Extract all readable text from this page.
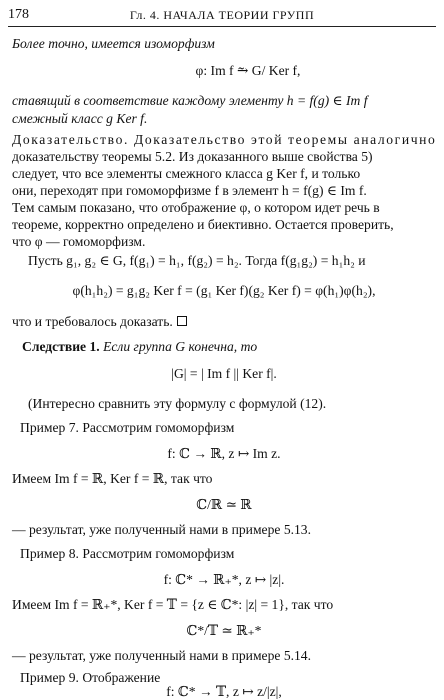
178	Гл. 4. НАЧАЛА ТЕОРИИ ГРУПП
Более точно, имеется изоморфизм
φ: Im f ⥲ G/ Ker f,
ставящий в соответствие каждому элементу h = f(g) ∈ Im f
смежный класс g Ker f.
Доказательство. Доказательство этой теоремы аналогично
доказательству теоремы 5.2. Из доказанного выше свойства 5)
следует, что все элементы смежного класса g Ker f, и только
они, переходят при гомоморфизме f в элемент h = f(g) ∈ Im f.
Тем самым показано, что отображение φ, о котором идет речь в
теореме, корректно определено и биективно. Остается проверить,
что φ — гомоморфизм.
Пусть g₁, g₂ ∈ G, f(g₁) = h₁, f(g₂) = h₂. Тогда f(g₁g₂) = h₁h₂ и
φ(h₁h₂) = g₁g₂ Ker f = (g₁ Ker f)(g₂ Ker f) = φ(h₁)φ(h₂),
что и требовалось доказать.
Следствие 1. Если группа G конечна, то
|G| = | Im f || Ker f|.
(Интересно сравнить эту формулу с формулой (12).
Пример 7. Рассмотрим гомоморфизм
f: ℂ → ℝ, z ↦ Im z.
Имеем Im f = ℝ, Ker f = ℝ, так что
ℂ/ℝ ≃ ℝ
— результат, уже полученный нами в примере 5.13.
Пример 8. Рассмотрим гомоморфизм
f: ℂ* → ℝ₊*, z ↦ |z|.
Имеем Im f = ℝ₊*, Ker f = 𝕋 = {z ∈ ℂ*: |z| = 1}, так что
ℂ*/𝕋 ≃ ℝ₊*
— результат, уже полученный нами в примере 5.14.
Пример 9. Отображение
f: ℂ* → 𝕋, z ↦ z/|z|,
